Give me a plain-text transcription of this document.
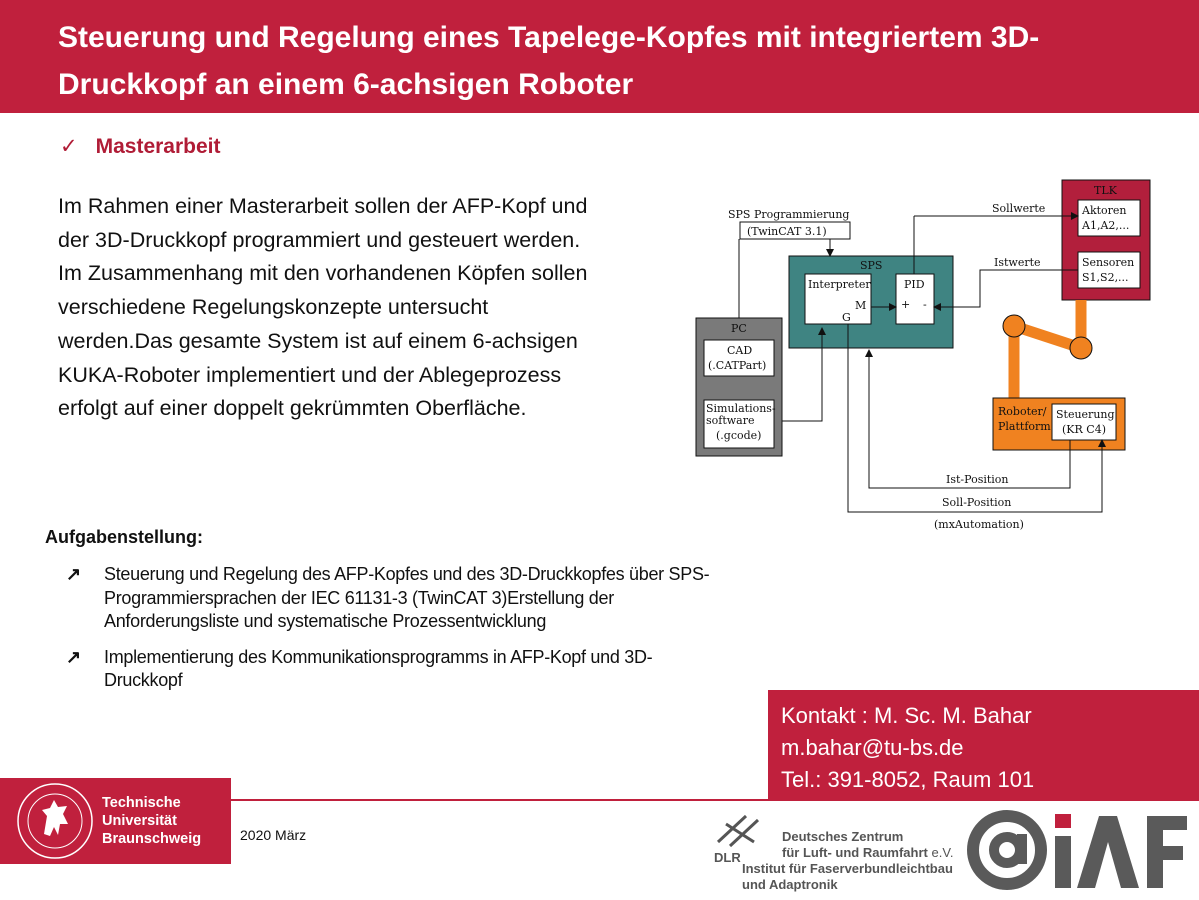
Steuerung und Regelung eines Tapelege-Kopfes mit integriertem 3D-Druckkopf an einem 6-achsigen Roboter
✓ Masterarbeit

Im Rahmen einer Masterarbeit sollen der AFP-Kopf und der 3D-Druckkopf programmiert und gesteuert werden. Im Zusammenhang mit den vorhandenen Köpfen sollen verschiedene Regelungskonzepte untersucht werden.Das gesamte System ist auf einem 6-achsigen KUKA-Roboter implementiert und der Ablegeprozess erfolgt auf einer doppelt gekrümmten Oberfläche.

SPS Programmierung
(TwinCAT 3.1)
SPS
Interpreter
M
G
PID
+ -
PC
CAD
(.CATPart)
Simulations-
software
(.gcode)
TLK
Aktoren
A1,A2,...
Sensoren
S1,S2,...
Roboter/
Plattform
Steuerung
(KR C4)
Sollwerte
Istwerte
Ist-Position
Soll-Position
(mxAutomation)
Aufgabenstellung:
↗ Steuerung und Regelung des AFP-Kopfes und des 3D-Druckkopfes über SPS-Programmiersprachen der IEC 61131-3 (TwinCAT 3)Erstellung der Anforderungsliste und systematische Prozessentwicklung
↗ Implementierung des Kommunikationsprogramms in AFP-Kopf und 3D-Druckkopf
Kontakt : M. Sc. M. Bahar
m.bahar@tu-bs.de
Tel.: 391-8052, Raum 101
Technische
Universität
Braunschweig	2020 März
DLR
Deutsches Zentrum
für Luft- und Raumfahrt e.V.
Institut für Faserverbundleichtbau
und Adaptronik
